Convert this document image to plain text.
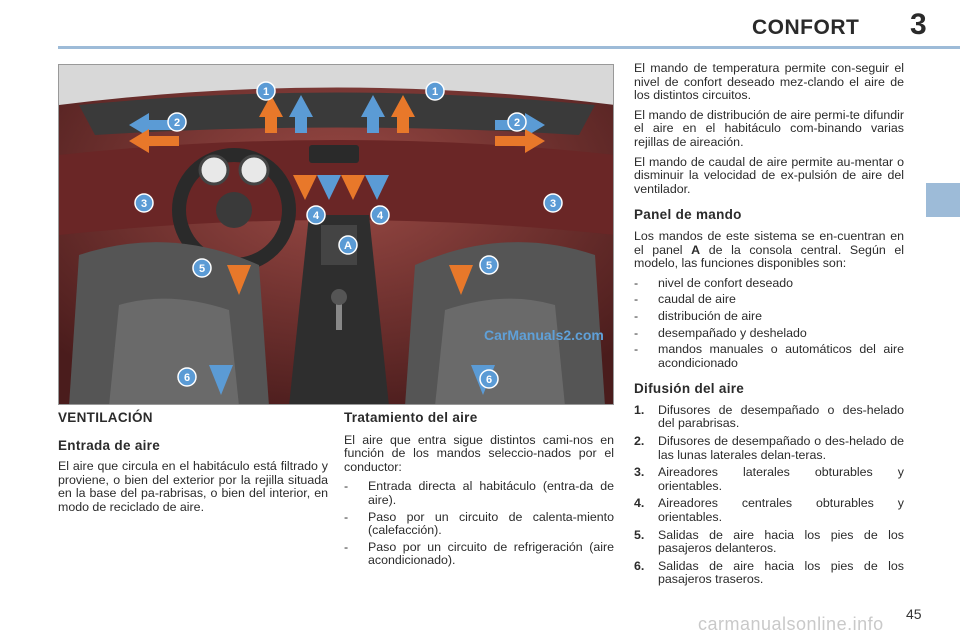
CONFORT 3
1	1
2	2
3	3
4	4
A
5	5
6	6
CarManuals2.com
VENTILACIÓN
Entrada de aire

El aire que circula en el habitáculo está filtrado y proviene, o bien del exterior por la rejilla situada en la base del pa-rabrisas, o bien del interior, en modo de reciclado de aire.

Tratamiento del aire

El aire que entra sigue distintos cami-nos en función de los mandos seleccio-nados por el conductor:

- Entrada directa al habitáculo (entra-da de aire).
- Paso por un circuito de calenta-miento (calefacción).
- Paso por un circuito de refrigeración (aire acondicionado).

El mando de temperatura permite con-seguir el nivel de confort deseado mez-clando el aire de los distintos circuitos.

El mando de distribución de aire permi-te difundir el aire en el habitáculo com-binando varias rejillas de aireación.

El mando de caudal de aire permite au-mentar o disminuir la velocidad de ex-pulsión de aire del ventilador.

Panel de mando

Los mandos de este sistema se en-cuentran en el panel A de la consola central. Según el modelo, las funciones disponibles son:

- nivel de confort deseado
- caudal de aire
- distribución de aire
- desempañado y deshelado
- mandos manuales o automáticos del aire acondicionado
Difusión del aire
1. Difusores de desempañado o des-helado del parabrisas.
2. Difusores de desempañado o des-helado de las lunas laterales delan-teras.
3. Aireadores laterales obturables y orientables.
4. Aireadores centrales obturables y orientables.
5. Salidas de aire hacia los pies de los pasajeros delanteros.
6. Salidas de aire hacia los pies de los pasajeros traseros.
carmanualsonline.info 45
